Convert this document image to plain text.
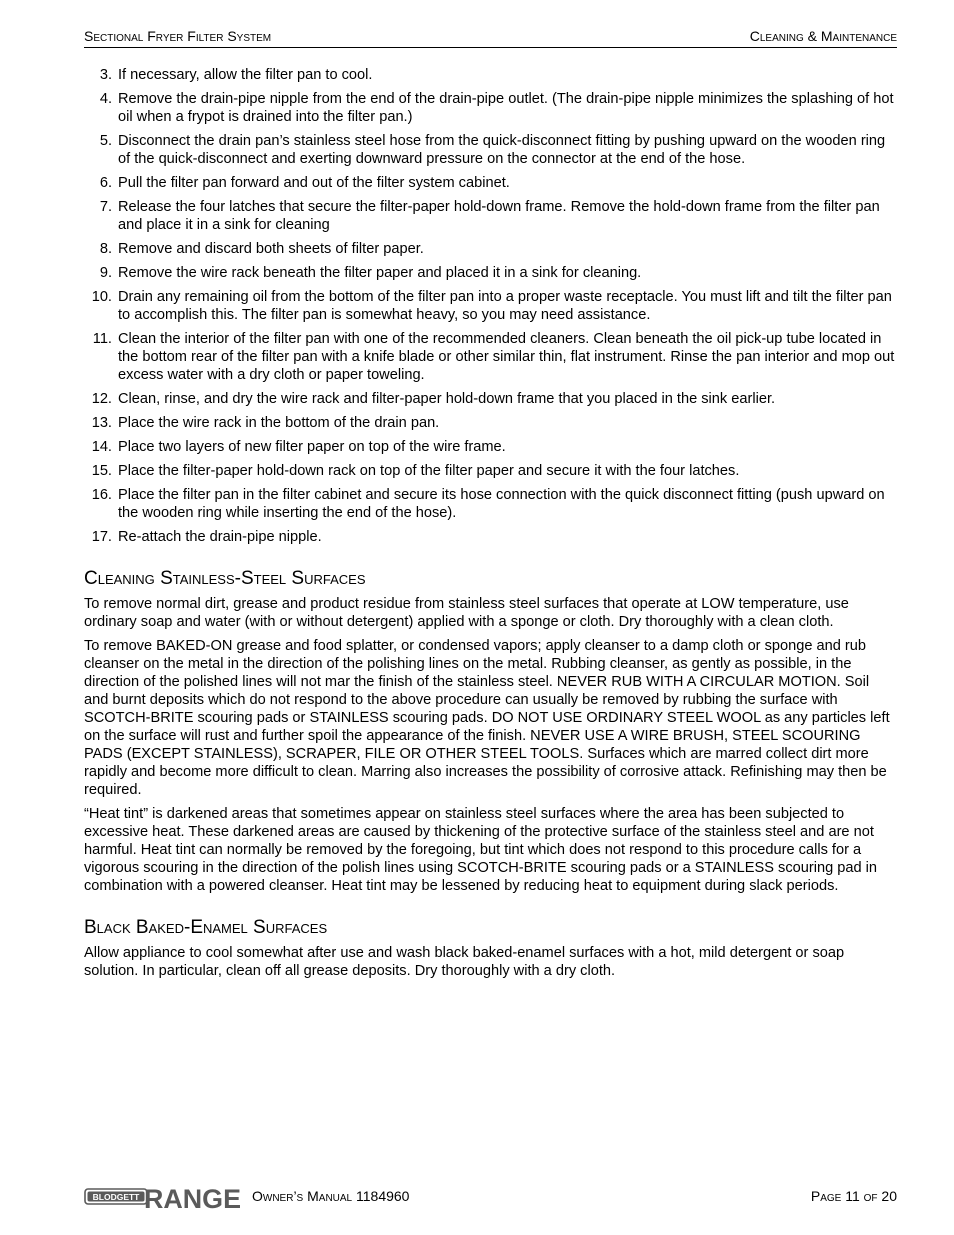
Sectional Fryer Filter System	Cleaning & Maintenance
3. If necessary, allow the filter pan to cool.
4. Remove the drain-pipe nipple from the end of the drain-pipe outlet. (The drain-pipe nipple minimizes the splashing of hot oil when a frypot is drained into the filter pan.)
5. Disconnect the drain pan’s stainless steel hose from the quick-disconnect fitting by pushing upward on the wooden ring of the quick-disconnect and exerting downward pressure on the connector at the end of the hose.
6. Pull the filter pan forward and out of the filter system cabinet.
7. Release the four latches that secure the filter-paper hold-down frame. Remove the hold-down frame from the filter pan and place it in a sink for cleaning
8. Remove and discard both sheets of filter paper.
9. Remove the wire rack beneath the filter paper and placed it in a sink for cleaning.
10. Drain any remaining oil from the bottom of the filter pan into a proper waste receptacle. You must lift and tilt the filter pan to accomplish this. The filter pan is somewhat heavy, so you may need assistance.
11. Clean the interior of the filter pan with one of the recommended cleaners. Clean beneath the oil pick-up tube located in the bottom rear of the filter pan with a knife blade or other similar thin, flat instrument. Rinse the pan interior and mop out excess water with a dry cloth or paper toweling.
12. Clean, rinse, and dry the wire rack and filter-paper hold-down frame that you placed in the sink earlier.
13. Place the wire rack in the bottom of the drain pan.
14. Place two layers of new filter paper on top of the wire frame.
15. Place the filter-paper hold-down rack on top of the filter paper and secure it with the four latches.
16. Place the filter pan in the filter cabinet and secure its hose connection with the quick disconnect fitting (push upward on the wooden ring while inserting the end of the hose).
17. Re-attach the drain-pipe nipple.
Cleaning Stainless-Steel Surfaces

To remove normal dirt, grease and product residue from stainless steel surfaces that operate at LOW temperature, use ordinary soap and water (with or without detergent) applied with a sponge or cloth. Dry thoroughly with a clean cloth.

To remove BAKED-ON grease and food splatter, or condensed vapors; apply cleanser to a damp cloth or sponge and rub cleanser on the metal in the direction of the polishing lines on the metal. Rubbing cleanser, as gently as possible, in the direction of the polished lines will not mar the finish of the stainless steel. NEVER RUB WITH A CIRCULAR MOTION. Soil and burnt deposits which do not respond to the above procedure can usually be removed by rubbing the surface with SCOTCH-BRITE scouring pads or STAINLESS scouring pads. DO NOT USE ORDINARY STEEL WOOL as any particles left on the surface will rust and further spoil the appearance of the finish. NEVER USE A WIRE BRUSH, STEEL SCOURING PADS (EXCEPT STAINLESS), SCRAPER, FILE OR OTHER STEEL TOOLS. Surfaces which are marred collect dirt more rapidly and become more difficult to clean. Marring also increases the possibility of corrosive attack. Refinishing may then be required.

“Heat tint” is darkened areas that sometimes appear on stainless steel surfaces where the area has been subjected to excessive heat. These darkened areas are caused by thickening of the protective surface of the stainless steel and are not harmful. Heat tint can normally be removed by the foregoing, but tint which does not respond to this procedure calls for a vigorous scouring in the direction of the polish lines using SCOTCH-BRITE scouring pads or a STAINLESS scouring pad in combination with a powered cleanser. Heat tint may be lessened by reducing heat to equipment during slack periods.

Black Baked-Enamel Surfaces

Allow appliance to cool somewhat after use and wash black baked-enamel surfaces with a hot, mild detergent or soap solution. In particular, clean off all grease deposits. Dry thoroughly with a dry cloth.

BLODGETT RANGE Owner’s Manual 1184960	Page 11 of 20
